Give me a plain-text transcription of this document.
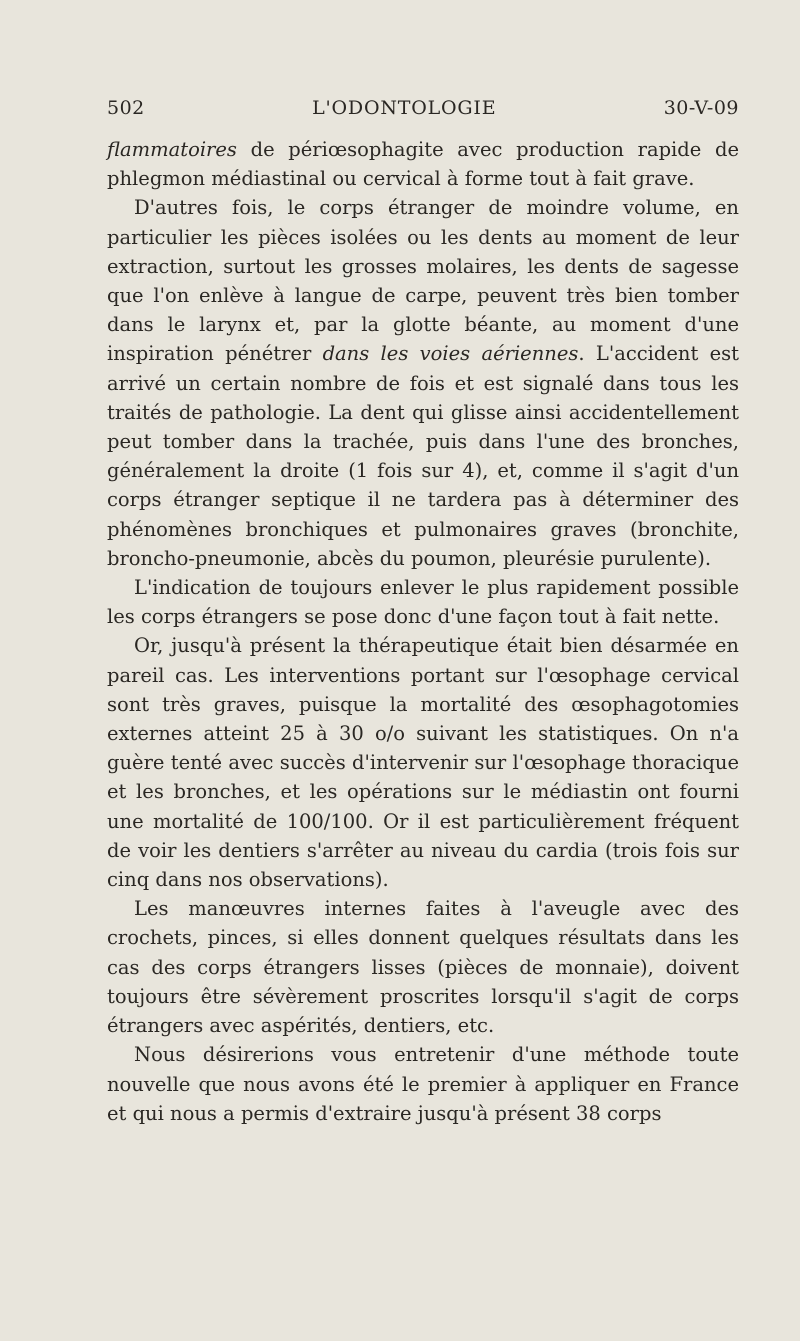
502	L'ODONTOLOGIE	30-V-09

flammatoires de périœsophagite avec production rapide de phlegmon médiastinal ou cervical à forme tout à fait grave.

D'autres fois, le corps étranger de moindre volume, en particulier les pièces isolées ou les dents au moment de leur extraction, surtout les grosses molaires, les dents de sagesse que l'on enlève à langue de carpe, peuvent très bien tomber dans le larynx et, par la glotte béante, au moment d'une inspiration pénétrer dans les voies aériennes. L'accident est arrivé un certain nombre de fois et est signalé dans tous les traités de pathologie. La dent qui glisse ainsi accidentellement peut tomber dans la trachée, puis dans l'une des bronches, généralement la droite (1 fois sur 4), et, comme il s'agit d'un corps étranger septique il ne tardera pas à déterminer des phénomènes bronchiques et pulmonaires graves (bronchite, broncho-pneumonie, abcès du poumon, pleurésie purulente).

L'indication de toujours enlever le plus rapidement possible les corps étrangers se pose donc d'une façon tout à fait nette.

Or, jusqu'à présent la thérapeutique était bien désarmée en pareil cas. Les interventions portant sur l'œsophage cervical sont très graves, puisque la mortalité des œsophagotomies externes atteint 25 à 30 o/o suivant les statistiques. On n'a guère tenté avec succès d'intervenir sur l'œsophage thoracique et les bronches, et les opérations sur le médiastin ont fourni une mortalité de 100/100. Or il est particulièrement fréquent de voir les dentiers s'arrêter au niveau du cardia (trois fois sur cinq dans nos observations).

Les manœuvres internes faites à l'aveugle avec des crochets, pinces, si elles donnent quelques résultats dans les cas des corps étrangers lisses (pièces de monnaie), doivent toujours être sévèrement proscrites lorsqu'il s'agit de corps étrangers avec aspérités, dentiers, etc.

Nous désirerions vous entretenir d'une méthode toute nouvelle que nous avons été le premier à appliquer en France et qui nous a permis d'extraire jusqu'à présent 38 corps
